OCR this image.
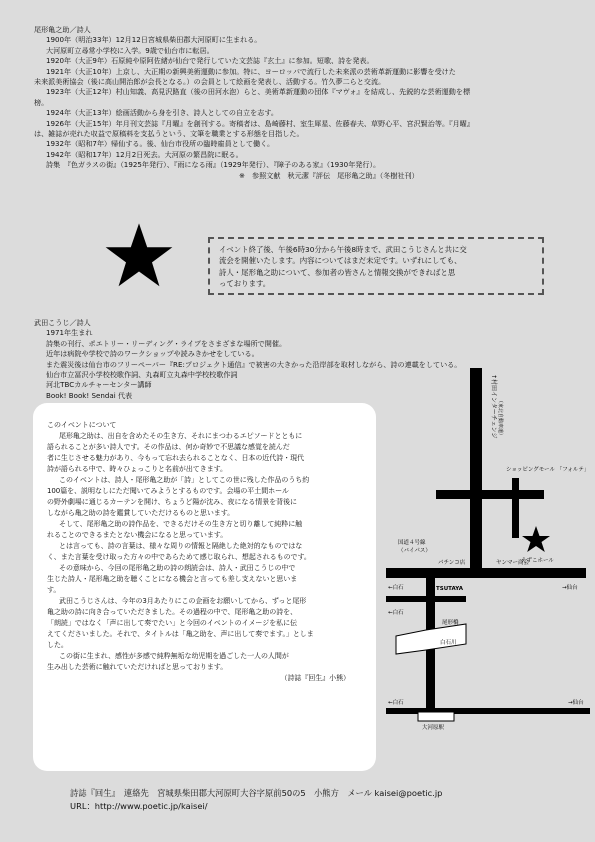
尾形亀之助／詩人
1900年（明治33年）12月12日宮城県柴田郡大河原町に生まれる。
大河原町立尋常小学校に入学。9歳で仙台市に転居。
1920年（大正9年）石原純や原阿佐緒が仙台で発行していた文芸誌『玄土』に参加。短歌、詩を発表。
1921年（大正10年）上京し、大正期の新興美術運動に参加。特に、ヨーロッパで流行した未来派の芸術革新運動に影響を受けた
未来派美術協会（後に高山開治郎が会長となる。）の会員として絵画を発表し、活動する。竹久夢二らと交流。
1923年（大正12年）村山知義、高見沢路直（後の田河水泡）らと、美術革新運動の団体『マヴォ』を結成し、先鋭的な芸術運動を標
榜。
1924年（大正13年）絵画活動から身を引き、詩人としての自立を志す。
1926年（大正15年）年月刊文芸誌『月曜』を創刊する。寄稿者は、島崎藤村、室生犀星、佐藤春夫、草野心平、宮沢賢治等。『月曜』
は、雑誌が売れた収益で原稿料を支払うという、文筆を職業とする形態を目指した。
1932年（昭和7年）帰仙する。後、仙台市役所の臨時雇員として働く。
1942年（昭和17年）12月2日死去。大河原の繁昌院に眠る。
詩集　『色ガラスの街』（1925年発行）、『雨になる雨』（1929年発行）、『障子のある家』（1930年発行）。
※　参照文献　秋元潔『評伝　尾形亀之助』（冬樹社刊）
イベント終了後、午後6時30分から午後8時まで、武田こうじさんと共に交
流会を開催いたします。内容についてはまだ未定です。いずれにしても、
詩人・尾形亀之助について、参加者の皆さんと情報交換ができればと思
っております。
武田こうじ／詩人
1971年生まれ
詩集の刊行、ポエトリー・リーディング・ライブをさまざまな場所で開催。
近年は病院や学校で詩のワークショップや読みきかせをしている。
また震災後は仙台市のフリーペーパー『RE:プロジェクト通信』で被害の大きかった沿岸部を取材しながら、詩の連載をしている。
仙台市立冨沢小学校校歌作詞、丸森町立丸森中学校校歌作詞
河北TBCカルチャーセンター講師
Book! Book! Sendai 代表
このイベントについて
尾形亀之助は、出自を含めたその生き方、それにまつわるエピソードとともに
語られることが多い詩人です。その作品は、何か奇妙で不思議な感覚を読んだ
者に生じさせる魅力があり、今もって忘れ去られることなく、日本の近代詩・現代
詩が語られる中で、時々ひょっこりと名前が出てきます。
このイベントは、詩人・尾形亀之助が「詩」としてこの世に残した作品のうち約
100篇を、説明なしにただ聞いてみようとするものです。会場の平土間ホール
の野外劇場に通じるカーテンを開け、ちょうど陽が沈み、夜になる情景を背後に
しながら亀之助の詩を鑑賞していただけるものと思います。
そして、尾形亀之助の詩作品を、できるだけその生き方と切り離して純粋に触
れることのできるまたとない機会になると思っています。
とは言っても、詩の言葉は、様々な周りの情報と隔絶した絶対的なものではな
く、また言葉を受け取った方々の中であらためて感じ取られ、想起されるものです。
その意味から、今回の尾形亀之助の詩の朗読会は、詩人・武田こうじの中で
生じた詩人・尾形亀之助を聴くことになる機会と言っても差し支えないと思いま
す。
武田こうじさんは、今年の3月あたりにこの企画をお願いしてから、ずっと尾形
亀之助の詩に向き合っていただきました。その過程の中で、尾形亀之助の詩を、
「朗読」ではなく「声に出して奏でたい」と今回のイベントのイメージを私に伝
えてくださいました。それで、タイトルは「亀之助を、声に出して奏でます。」としま
した。
この街に生まれ、感性が多感で純粋無垢な幼児期を過ごした一人の人間が
生み出した芸術に触れていただければと思っております。
（詩誌『回生』小熊）
↑村田インターチェンジ （東北自動車道）
ショッピングモール 「フォルテ」
えずこホール
国道４号線
（バイパス）
パチンコ店	ヤンマー商会
→仙台
←白石	TSUTAYA
←白石
尾形橋
白石川
←白石	→仙台
大河原駅
詩誌『回生』　連絡先　宮城県柴田郡大河原町大谷字原前50の5　小熊方　メール kaisei@poetic.jp
URL：http://www.poetic.jp/kaisei/
